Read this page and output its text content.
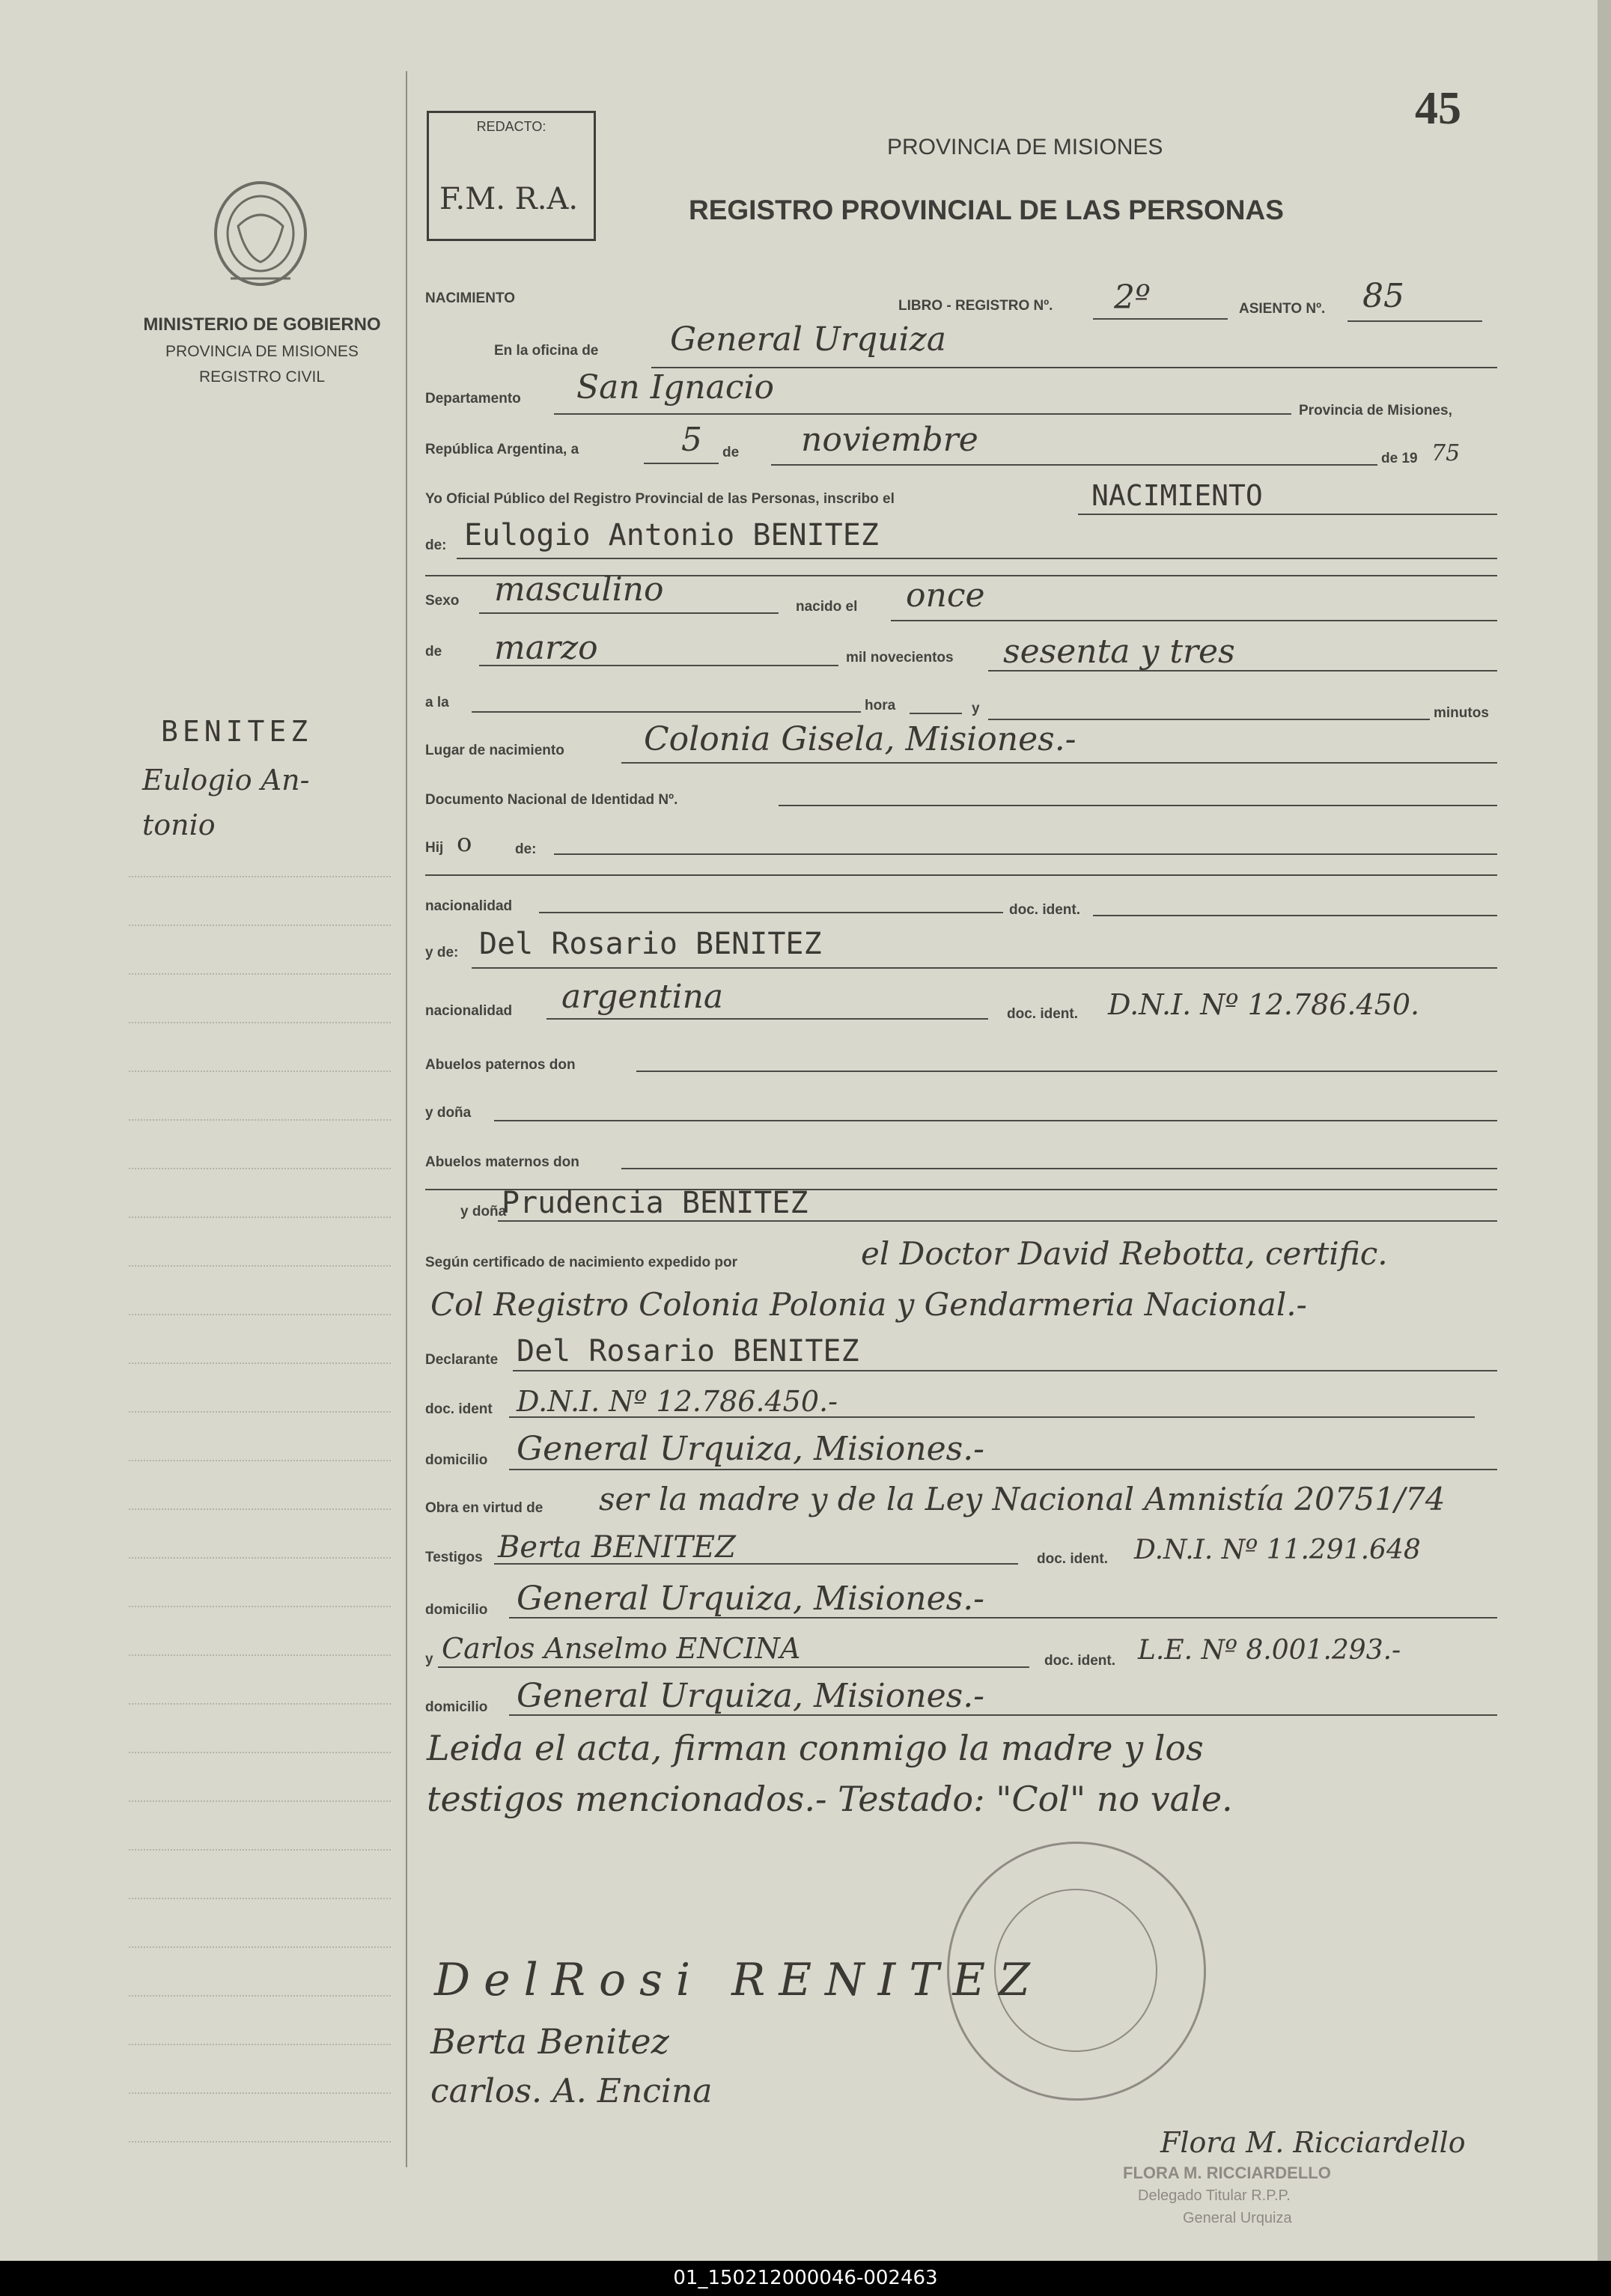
MINISTERIO DE GOBIERNO
PROVINCIA DE MISIONES
REGISTRO CIVIL
BENITEZ
Eulogio An-
tonio
REDACTO:
F.M. R.A.
45
PROVINCIA DE MISIONES
REGISTRO PROVINCIAL DE LAS PERSONAS
NACIMIENTO	LIBRO - REGISTRO Nº. 2º	ASIENTO Nº. 85
En la oficina de General Urquiza
Departamento San Ignacio
Provincia de Misiones,
República Argentina, a	5 de noviembre	de 19 75
Yo Oficial Público del Registro Provincial de las Personas, inscribo el	NACIMIENTO
de: Eulogio Antonio BENITEZ
Sexo masculino	nacido el once
de marzo	mil novecientos sesenta y tres
a la	hora	y	minutos
Lugar de nacimiento Colonia Gisela, Misiones.-
Documento Nacional de Identidad Nº.
Hij o	de:
nacionalidad	doc. ident.
y de: Del Rosario BENITEZ
nacionalidad argentina	doc. ident. D.N.I. Nº 12.786.450.
Abuelos paternos don
y doña
Abuelos maternos don
y doña
Prudencia BENITEZ
Según certificado de nacimiento expedido por	el Doctor David Rebotta, certific.
Col Registro Colonia Polonia y Gendarmeria Nacional.-
Declarante Del Rosario BENITEZ
doc. ident D.N.I. Nº 12.786.450.-
domicilio General Urquiza, Misiones.-
Obra en virtud de ser la madre y de la Ley Nacional Amnistía 20751/74
Testigos Berta BENITEZ	doc. ident. D.N.I. Nº 11.291.648
domicilio General Urquiza, Misiones.-
y Carlos Anselmo ENCINA	doc. ident. L.E. Nº 8.001.293.-
domicilio General Urquiza, Misiones.-
Leida el acta, firman conmigo la madre y los
testigos mencionados.- Testado: "Col" no vale.
DelRosi RENITEZ
Berta Benitez
carlos. A. Encina
Flora M. Ricciardello
FLORA M. RICCIARDELLO
Delegado Titular R.P.P.
General Urquiza
01_150212000046-002463
